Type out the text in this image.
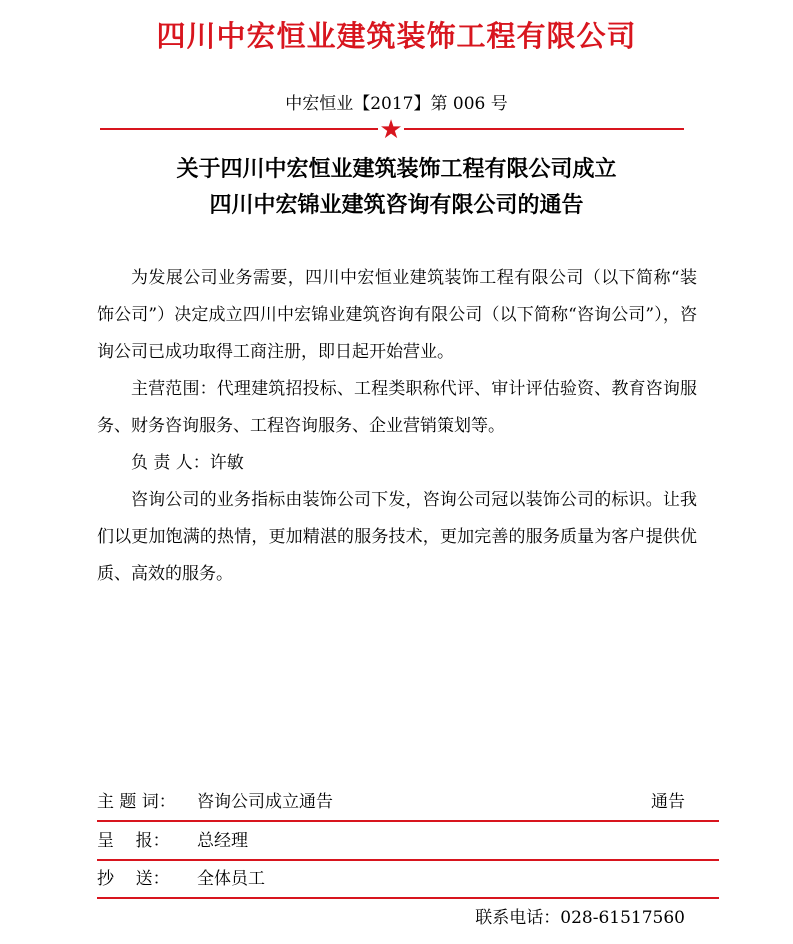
四川中宏恒业建筑装饰工程有限公司
中宏恒业【2017】第 006 号
★
关于四川中宏恒业建筑装饰工程有限公司成立
四川中宏锦业建筑咨询有限公司的通告

为发展公司业务需要，四川中宏恒业建筑装饰工程有限公司（以下简称“装饰公司”）决定成立四川中宏锦业建筑咨询有限公司（以下简称“咨询公司”），咨询公司已成功取得工商注册，即日起开始营业。

主营范围：代理建筑招投标、工程类职称代评、审计评估验资、教育咨询服务、财务咨询服务、工程咨询服务、企业营销策划等。

负 责 人：许敏

咨询公司的业务指标由装饰公司下发，咨询公司冠以装饰公司的标识。让我们以更加饱满的热情，更加精湛的服务技术，更加完善的服务质量为客户提供优质、高效的服务。

主 题 词： 咨询公司成立通告	通告
呈    报： 总经理
抄    送： 全体员工
联系电话：028-61517560
